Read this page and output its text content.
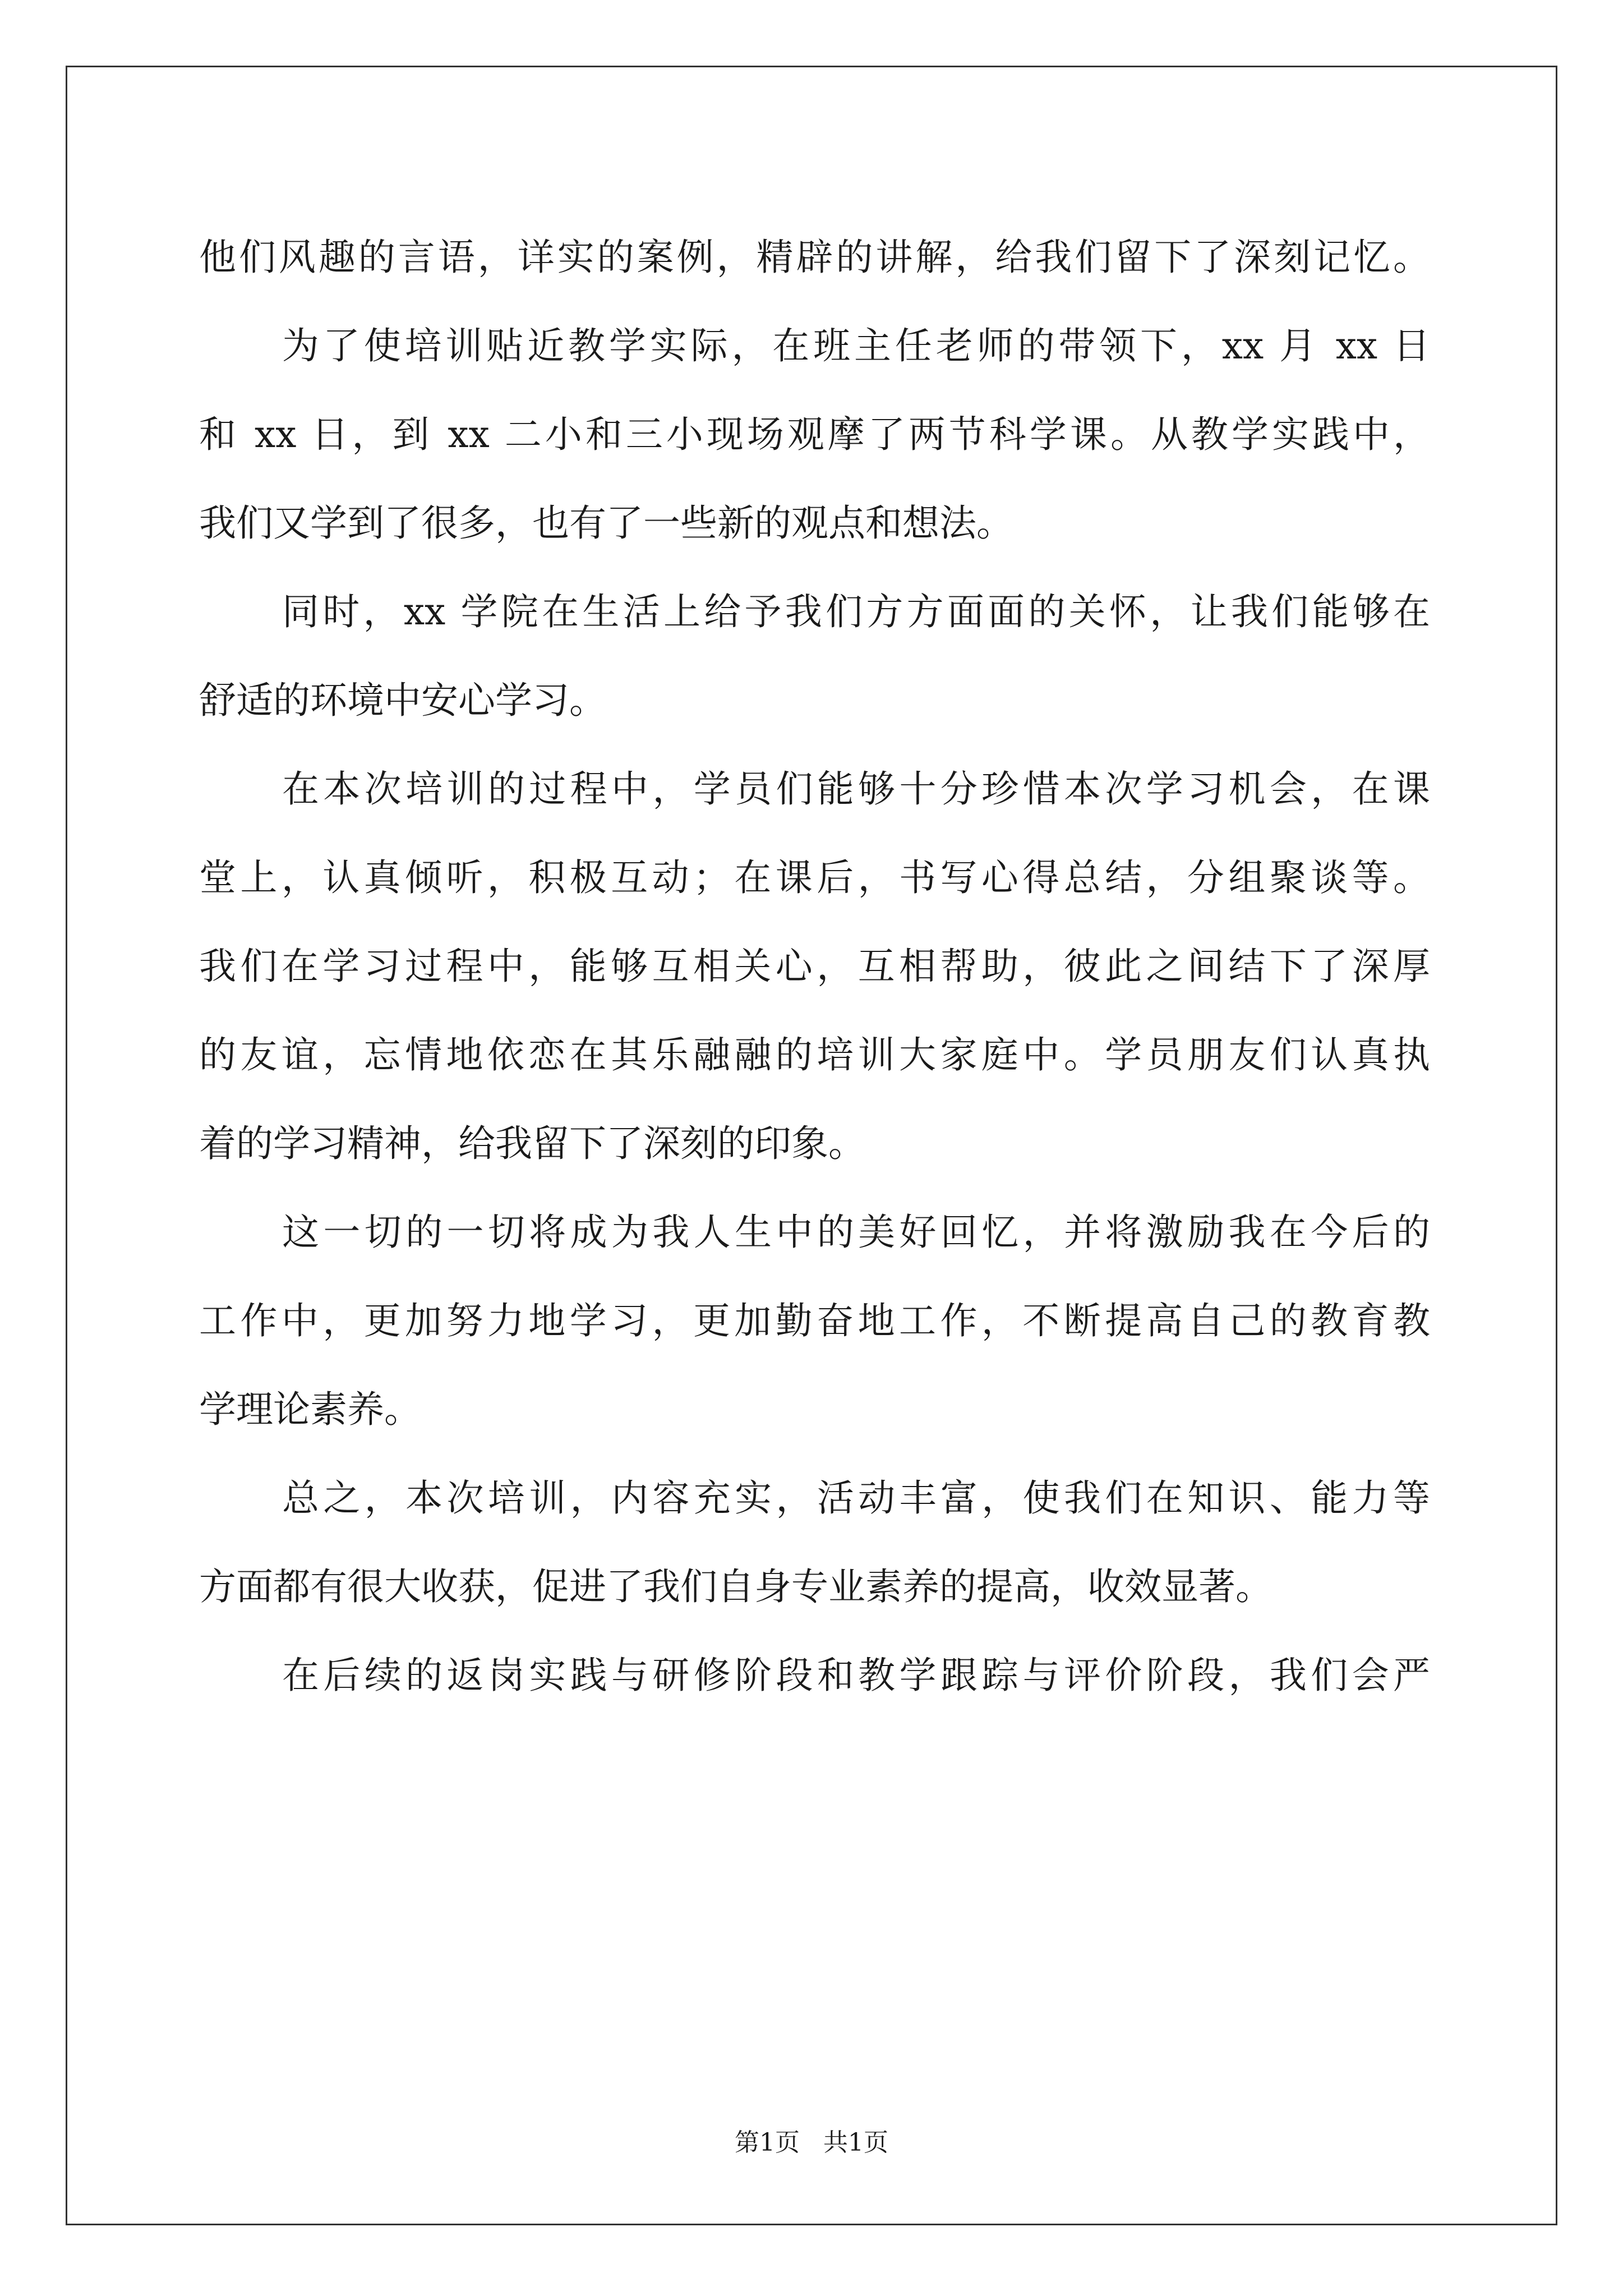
他们风趣的言语，详实的案例，精辟的讲解，给我们留下了深刻记忆。
为了使培训贴近教学实际，在班主任老师的带领下，xx 月 xx 日
和 xx 日，到 xx 二小和三小现场观摩了两节科学课。从教学实践中，
我们又学到了很多，也有了一些新的观点和想法。
同时，xx 学院在生活上给予我们方方面面的关怀，让我们能够在
舒适的环境中安心学习。
在本次培训的过程中，学员们能够十分珍惜本次学习机会，在课
堂上，认真倾听，积极互动；在课后，书写心得总结，分组聚谈等。
我们在学习过程中，能够互相关心，互相帮助，彼此之间结下了深厚
的友谊，忘情地依恋在其乐融融的培训大家庭中。学员朋友们认真执
着的学习精神，给我留下了深刻的印象。
这一切的一切将成为我人生中的美好回忆，并将激励我在今后的
工作中，更加努力地学习，更加勤奋地工作，不断提高自己的教育教
学理论素养。
总之，本次培训，内容充实，活动丰富，使我们在知识、能力等
方面都有很大收获，促进了我们自身专业素养的提高，收效显著。
在后续的返岗实践与研修阶段和教学跟踪与评价阶段，我们会严
第1页 共1页
